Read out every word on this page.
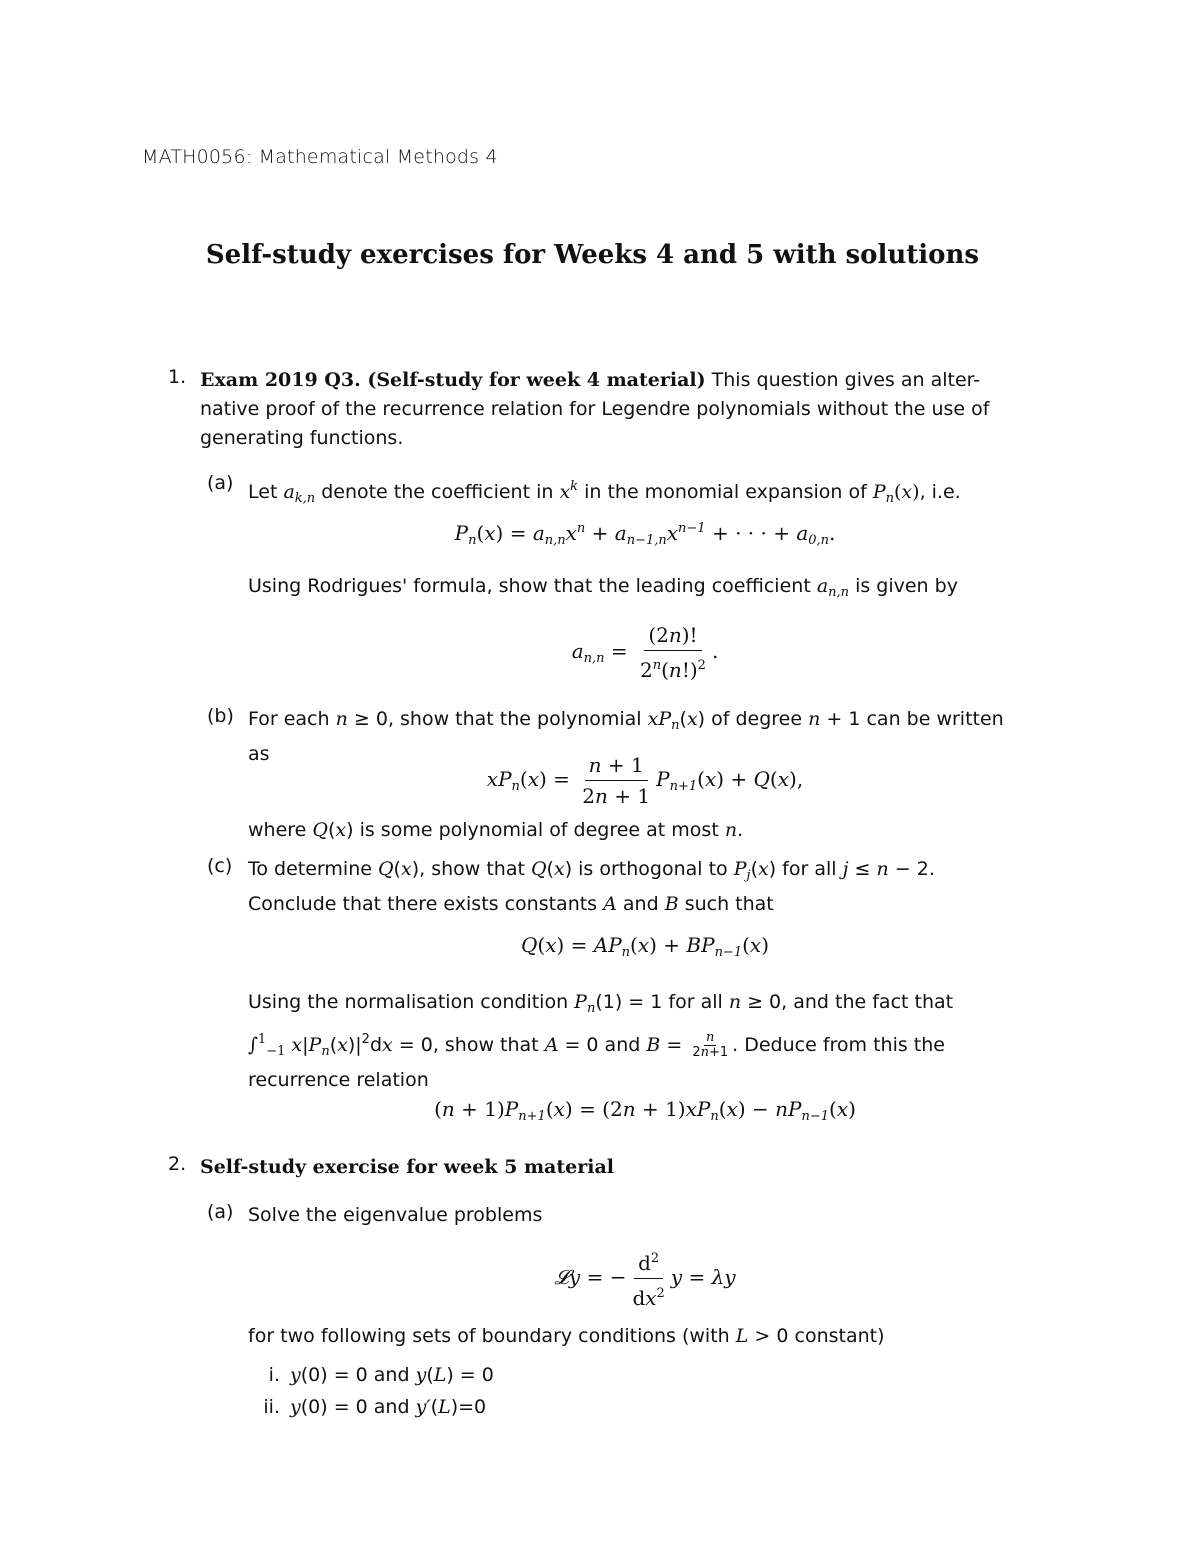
MATH0056: Mathematical Methods 4
Self-study exercises for Weeks 4 and 5 with solutions
1. Exam 2019 Q3. (Self-study for week 4 material) This question gives an alter-
native proof of the recurrence relation for Legendre polynomials without the use of
generating functions.
(a) Let $a_{k,n}$ denote the coefficient in $x^k$ in the monomial expansion of $P_n(x)$, i.e.
$P_n(x) = a_{n,n}x^n + a_{n-1,n}x^{n-1}$ + · · · + $a_{0,n}$.
Using Rodrigues' formula, show that the leading coefficient $a_{n,n}$ is given by
$a_{n,n} = \frac{(2n)!}{2^n(n!)^2}$ .
(b) For each n ≥ 0, show that the polynomial $xP_n(x)$ of degree n + 1 can be written
as
$xP_n(x) = \frac{n + 1}{2n + 1} P_{n+1}(x) + Q(x)$,
where Q(x) is some polynomial of degree at most n.
(c) To determine Q(x), show that Q(x) is orthogonal to $P_j(x)$ for all j ≤ n − 2.
Conclude that there exists constants A and B such that
$Q(x) = AP_n(x) + BP_{n-1}(x)$
Using the normalisation condition $P_n(1) = 1$ for all n ≥ 0, and the fact that
∫$^1_{-1}$ $x|P_n(x)|^2dx = 0$, show that A = 0 and $B = \frac{n}{2n+1}$ . Deduce from this the
recurrence relation
$(n + 1)P_{n+1}(x) = (2n + 1)xP_n(x) - nP_{n-1}(x)$
2. Self-study exercise for week 5 material
(a) Solve the eigenvalue problems
𝓛y = − $\frac{d^2}{dx^2}$ y = λy
for two following sets of boundary conditions (with L > 0 constant)
i. y(0) = 0 and y(L) = 0
ii. y(0) = 0 and y′(L)=0
